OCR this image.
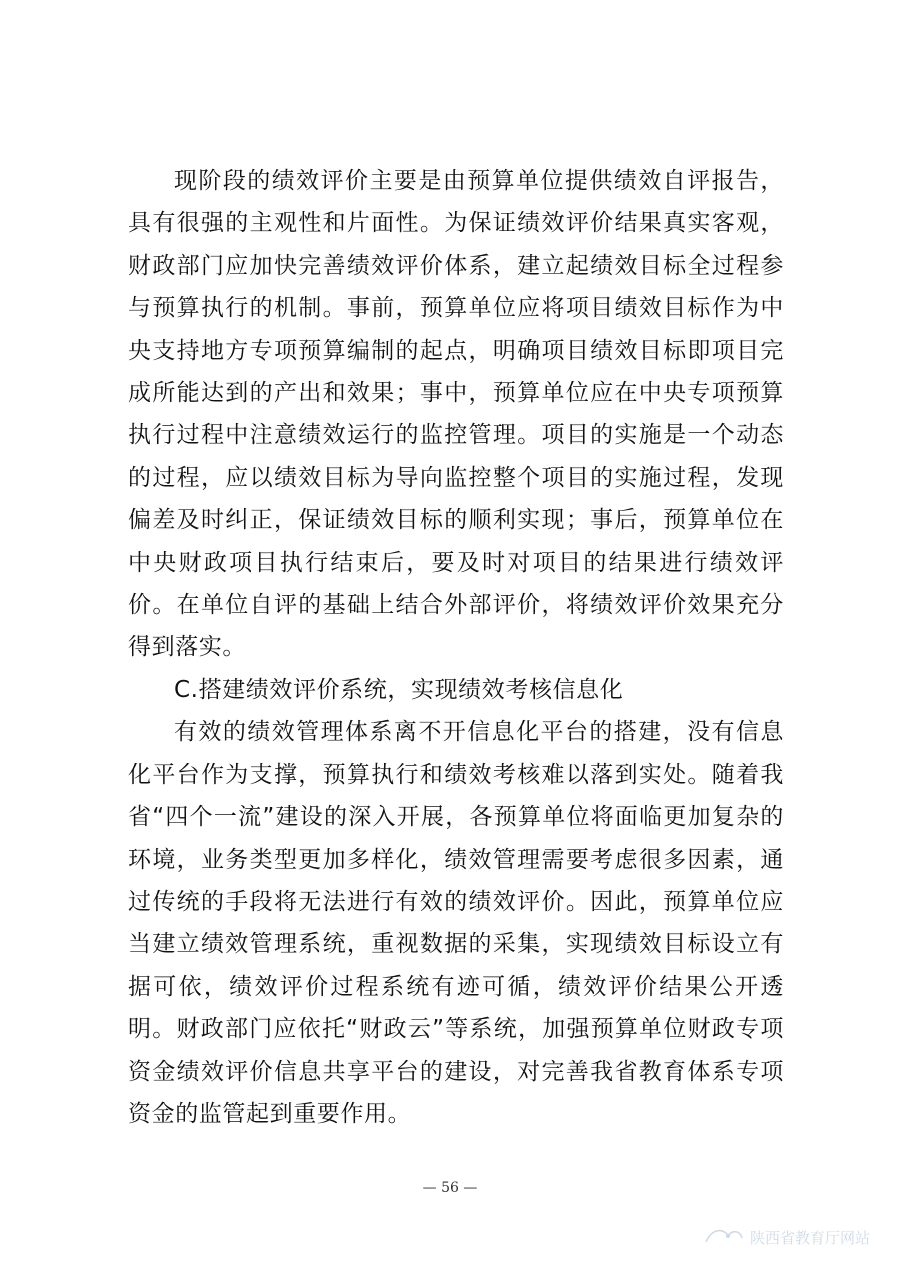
现阶段的绩效评价主要是由预算单位提供绩效自评报告，具有很强的主观性和片面性。为保证绩效评价结果真实客观，财政部门应加快完善绩效评价体系，建立起绩效目标全过程参与预算执行的机制。事前，预算单位应将项目绩效目标作为中央支持地方专项预算编制的起点，明确项目绩效目标即项目完成所能达到的产出和效果；事中，预算单位应在中央专项预算执行过程中注意绩效运行的监控管理。项目的实施是一个动态的过程，应以绩效目标为导向监控整个项目的实施过程，发现偏差及时纠正，保证绩效目标的顺利实现；事后，预算单位在中央财政项目执行结束后，要及时对项目的结果进行绩效评价。在单位自评的基础上结合外部评价，将绩效评价效果充分得到落实。

C.搭建绩效评价系统，实现绩效考核信息化

有效的绩效管理体系离不开信息化平台的搭建，没有信息化平台作为支撑，预算执行和绩效考核难以落到实处。随着我省“四个一流”建设的深入开展，各预算单位将面临更加复杂的环境，业务类型更加多样化，绩效管理需要考虑很多因素，通过传统的手段将无法进行有效的绩效评价。因此，预算单位应当建立绩效管理系统，重视数据的采集，实现绩效目标设立有据可依，绩效评价过程系统有迹可循，绩效评价结果公开透明。财政部门应依托“财政云”等系统，加强预算单位财政专项资金绩效评价信息共享平台的建设，对完善我省教育体系专项资金的监管起到重要作用。

— 56 —
陕西省教育厅网站
